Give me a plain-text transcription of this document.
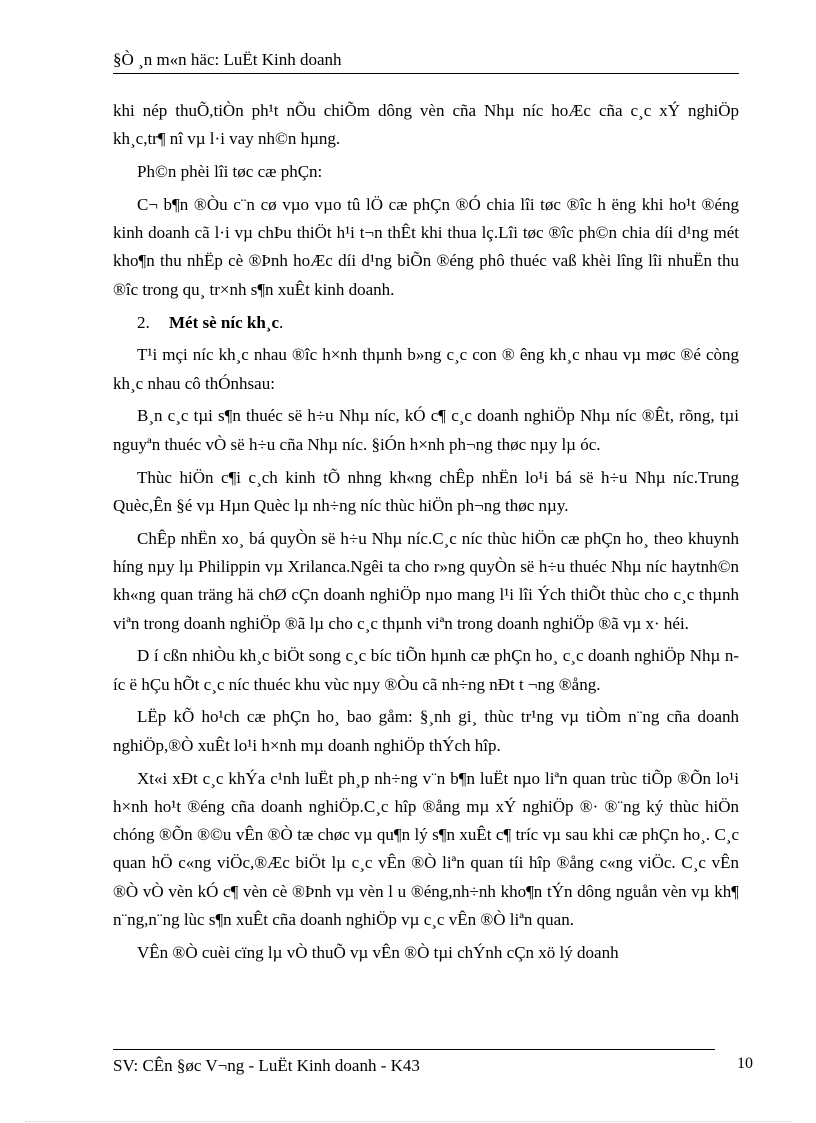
§Ò ¸n m«n häc: LuËt Kinh doanh

khi nép thuÕ,tiÒn ph¹t nÕu chiÕm dông vèn cña Nhµ níc hoÆc cña c¸c xÝ nghiÖp kh¸c,tr¶ nî vµ l·i vay nh©n hµng.

Ph©n phèi lîi tøc cæ phÇn:

C¬ b¶n ®Òu c¨n cø vµo vµo tû lÖ cæ phÇn ®Ó chia lîi tøc ®îc h ëng khi ho¹t ®éng kinh doanh cã l·i vµ chÞu thiÖt h¹i t¬n thÊt khi thua lç.Lîi tøc ®îc ph©n chia díi d¹ng mét kho¶n thu nhËp cè ®Þnh hoÆc díi d¹ng biÕn ®éng phô thuéc vaß khèi lîng lîi nhuËn thu ®îc trong qu¸ tr×nh s¶n xuÊt kinh doanh.

2. Mét sè níc kh¸c.

T¹i mçi níc kh¸c nhau ®îc h×nh thµnh b»ng c¸c con ® êng kh¸c nhau vµ møc ®é còng kh¸c nhau cô thÓnhsau:

B¸n c¸c tµi s¶n thuéc së h÷u Nhµ níc, kÓ c¶ c¸c doanh nghiÖp Nhµ níc ®Êt, rõng, tµi nguyªn thuéc vÒ së h÷u cña Nhµ níc. §iÓn h×nh ph¬ng thøc nµy lµ óc.

Thùc hiÖn c¶i c¸ch kinh tÕ nhng kh«ng chÊp nhËn lo¹i bá së h÷u Nhµ níc.Trung Quèc,Ên §é vµ Hµn Quèc lµ nh÷ng níc thùc hiÖn ph¬ng thøc nµy.

ChÊp nhËn xo¸ bá quyÒn së h÷u Nhµ níc.C¸c níc thùc hiÖn cæ phÇn ho¸ theo khuynh híng nµy lµ Philippin vµ Xrilanca.Ngêi ta cho r»ng quyÒn së h÷u thuéc Nhµ níc haytnh©n kh«ng quan träng hä chØ cÇn doanh nghiÖp nµo mang l¹i lîi Ých thiÕt thùc cho c¸c thµnh viªn trong doanh nghiÖp ®ã lµ cho c¸c thµnh viªn trong doanh nghiÖp ®ã vµ x· héi.

D í cßn nhiÒu kh¸c biÖt song c¸c bíc tiÕn hµnh cæ phÇn ho¸ c¸c doanh nghiÖp Nhµ níc ë hÇu hÕt c¸c níc thuéc khu vùc nµy ®Òu cã nh÷ng nÐt t ¬ng ®ång.

LËp kÕ ho¹ch cæ phÇn ho¸ bao gåm: §¸nh gi¸ thùc tr¹ng vµ tiÒm n¨ng cña doanh nghiÖp,®Ò xuÊt lo¹i h×nh mµ doanh nghiÖp thÝch hîp.

Xt«i xÐt c¸c khÝa c¹nh luËt ph¸p nh÷ng v¨n b¶n luËt nµo liªn quan trùc tiÕp ®Õn lo¹i h×nh ho¹t ®éng cña doanh nghiÖp.C¸c hîp ®ång mµ xÝ nghiÖp ®· ®¨ng ký thùc hiÖn chóng ®Õn ®©u vÊn ®Ò tæ chøc vµ qu¶n lý s¶n xuÊt c¶ tríc vµ sau khi cæ phÇn ho¸. C¸c quan hÖ c«ng viÖc,®Æc biÖt lµ c¸c vÊn ®Ò liªn quan tíi hîp ®ång c«ng viÖc. C¸c vÊn ®Ò vÒ vèn kÓ c¶ vèn cè ®Þnh vµ vèn l u ®éng,nh÷nh kho¶n tÝn dông nguån vèn vµ kh¶ n¨ng,n¨ng lùc s¶n xuÊt cña doanh nghiÖp vµ c¸c vÊn ®Ò liªn quan.

VÊn ®Ò cuèi cïng lµ vÒ thuÕ vµ vÊn ®Ò tµi chÝnh cÇn xö lý doanh

SV: CÊn §øc V¬ng - LuËt Kinh doanh - K43	10
